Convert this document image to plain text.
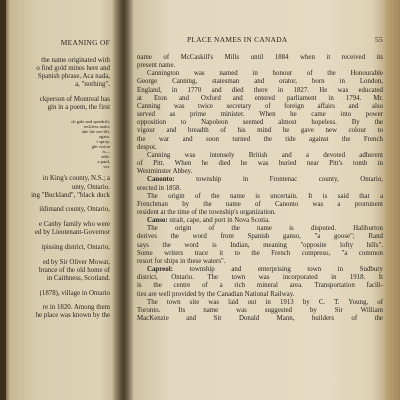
MEANING OF
the name originated with
o find gold mines here and
Spanish phrase, Aca nada,
a, "nothing".
ckperson of Montreal has
gin in a poem, the first
ch gale and spindrift,
reckless main;
ake the sea-lift,
again.
r spray,
ght vision
is—
adie.
a pard,
ver.
in King's county, N.S.; a
unty, Ontario.
ing "Buckland", "black duck
ildimand county, Ontario,
e Canby family who were
ed by Lieutenant-Governor
ipissing district, Ontario,
ed by Sir Oliver Mowat,
brance of the old home of
in Caithness, Scotland.
(1878), village in Ontario
re in 1820. Among them
he place was known by the
PLACE NAMES IN CANADA	55
name of McCaskill's Mills until 1884 when it received its
present name.
Cannington was named in honour of the Honourable
George Canning, statesman and orator, born in London,
England, in 1770 and died there in 1827. He was educated
at Eton and Oxford and entered parliament in 1794. Mr.
Canning was twice secretary of foreign affairs and also
served as prime minister. When he came into power
opposition to Napoleon seemed almost hopeless. By the
vigour and breadth of his mind he gave new colour to
the war and soon turned the tide against the French
despot.
Canning was intensely British and a devoted adherent
of Pitt. When he died he was buried near Pitt's tomb in
Westminster Abbey.
Canonto: township in Frontenac county, Ontario,
erected in 1858.
The origin of the name is uncertain. It is said that a
Frenchman by the name of Canonto was a prominent
resident at the time of the township's organization.
Canso: strait, cape, and port in Nova Scotia.
The origin of the name is disputed. Haliburton
derives the word from Spanish ganso, "a goose"; Rand
says the word is Indian, meaning "opposite lofty hills".
Some writers trace it to the French compreso, "a common
resort for ships in these waters".
Capreol: township and enterprising town in Sudbury
district, Ontario. The town was incorporated in 1918. It
is the centre of a rich mineral area. Transportation facili-
ties are well provided by the Canadian National Railway.
The town site was laid out in 1913 by C. T. Young, of
Toronto. Its name was suggested by Sir William
MacKenzie and Sir Donald Mann, builders of the
